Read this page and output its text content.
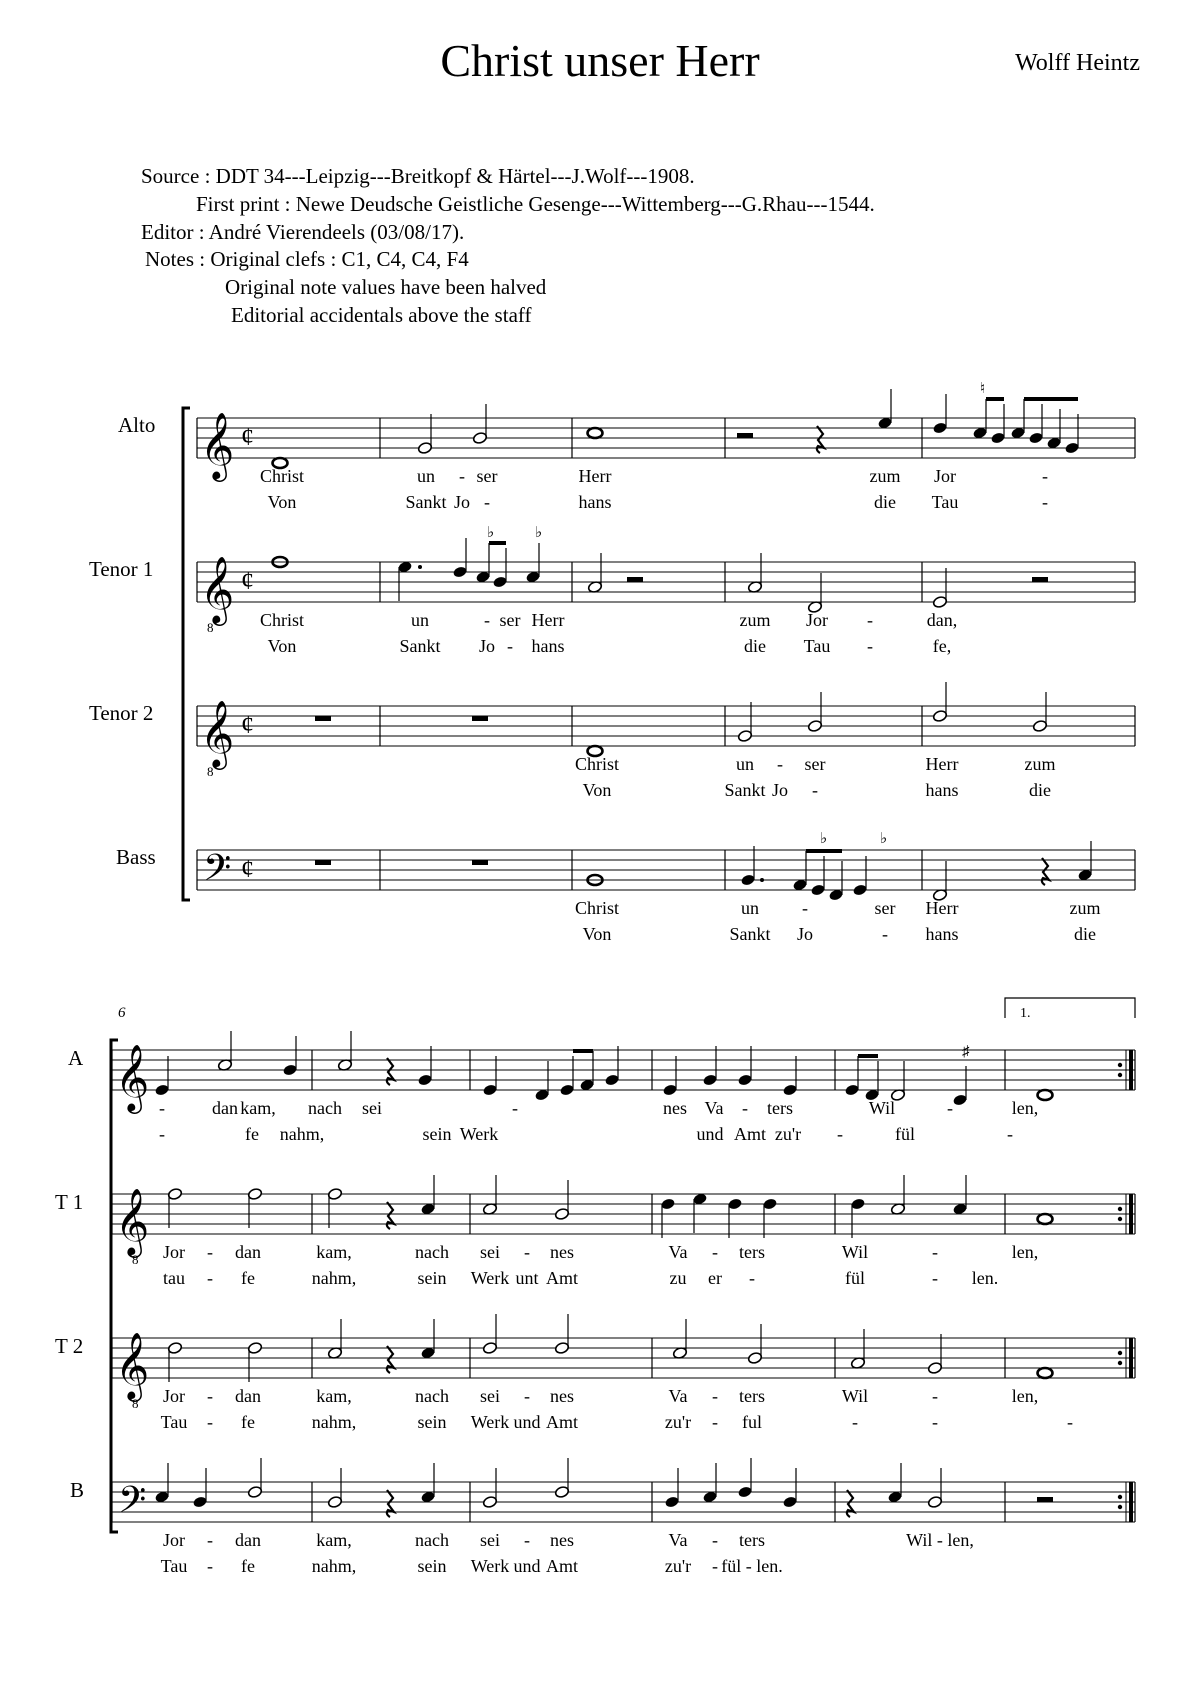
Christ unser Herr	Wolff Heintz
Source : DDT 34---Leipzig---Breitkopf & Härtel---J.Wolf---1908.
First print : Newe Deudsche Geistliche Gesenge---Wittemberg---G.Rhau---1544.
Editor : André Vierendeels (03/08/17).
Notes : Original clefs : C1, C4, C4, F4
Original note values have been halved
Editorial accidentals above the staff
Alto
Tenor 1
Tenor 2
Bass
A
T 1
T 2
B
6	1.
𝄞
𝄞
𝄞
𝄢
8
8
¢
¢
¢
¢
♮
♭	♭
♭	♭
𝄞
𝄞
𝄞
𝄢
8
8
♯
Christ	un - ser	Herr	zum Jor	-
Von	Sankt Jo -	hans	die Tau	-
Christ	un	- ser Herr	zum Jor -	dan,
Von	Sankt Jo - hans	die Tau -	fe,
Christ	un - ser	Herr	zum
Von	Sankt Jo -	hans	die
Christ	un -	ser Herr	zum
Von	Sankt Jo	- hans	die
-	dan kam, nach sei	-	nes Va - ters	Wil	-	len,
-	fe nahm,	sein Werk	und Amt zu'r -	fül	-
Jor - dan	kam,	nach sei - nes	Va - ters	Wil	-	len,
tau - fe	nahm,	sein Werk unt Amt	zu er -	fül	- len.
Jor - dan	kam,	nach sei - nes	Va - ters	Wil	-	len,
Tau - fe	nahm,	sein Werk und Amt	zu'r - ful	-	-	-
Jor - dan	kam,	nach sei - nes	Va - ters	Wil - len,
Tau - fe	nahm,	sein Werk und Amt	zu'r - fül - len.
